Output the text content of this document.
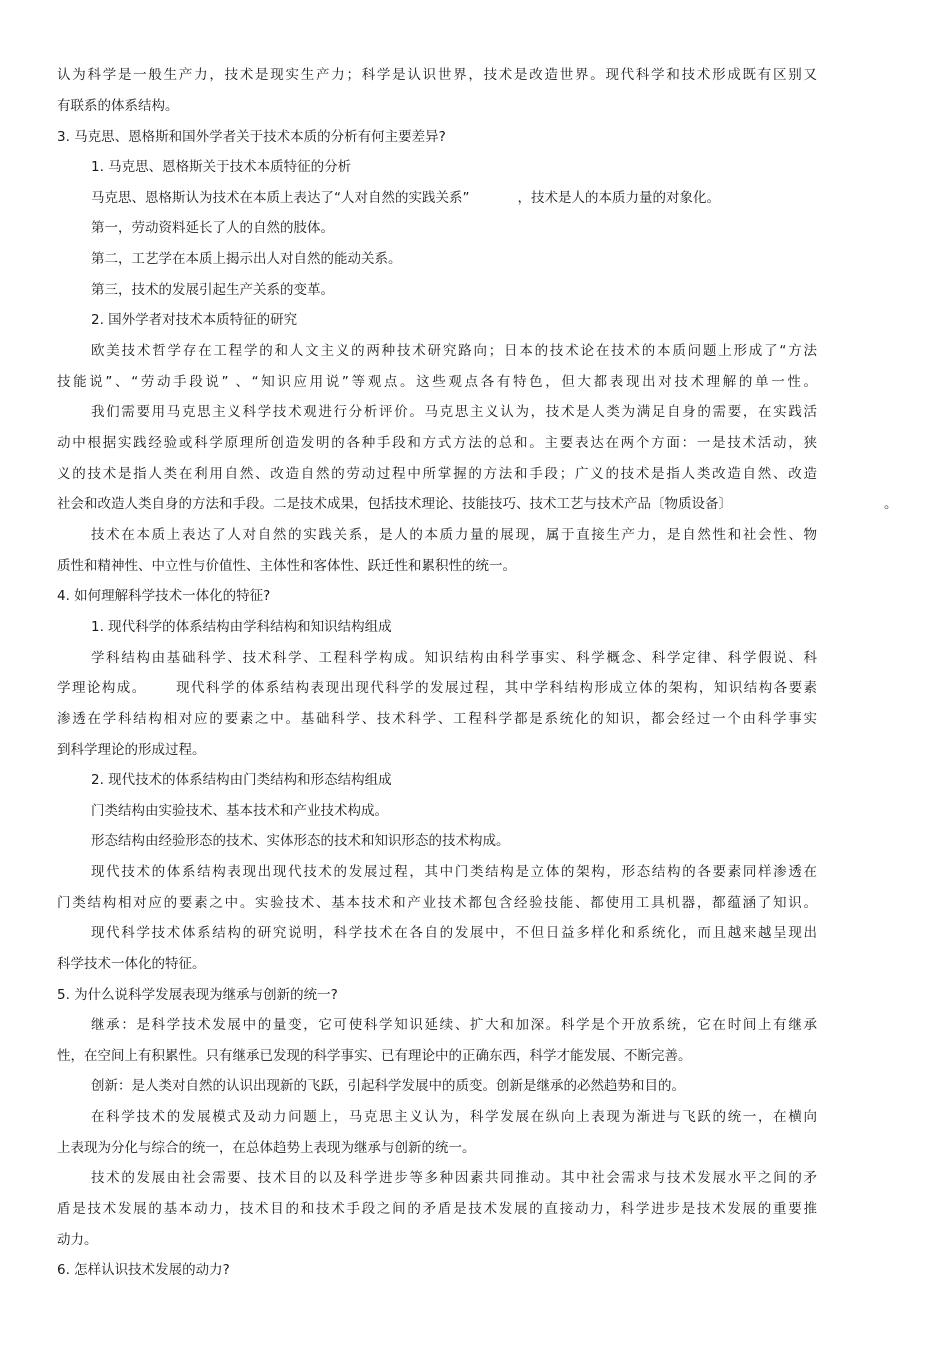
认为科学是一般生产力，技术是现实生产力；科学是认识世界，技术是改造世界。现代科学和技术形成既有区别又
有联系的体系结构。
3. 马克思、恩格斯和国外学者关于技术本质的分析有何主要差异?
1. 马克思、恩格斯关于技术本质特征的分析
马克思、恩格斯认为技术在本质上表达了“人对自然的实践关系”	，技术是人的本质力量的对象化。
第一，劳动资料延长了人的自然的肢体。
第二，工艺学在本质上揭示出人对自然的能动关系。
第三，技术的发展引起生产关系的变革。
2. 国外学者对技术本质特征的研究
欧美技术哲学存在工程学的和人文主义的两种技术研究路向；日本的技术论在技术的本质问题上形成了“方法
技能说”、“劳动手段说” 、“知识应用说”等观点。这些观点各有特色，但大都表现出对技术理解的单一性。
我们需要用马克思主义科学技术观进行分析评价。马克思主义认为，技术是人类为满足自身的需要，在实践活
动中根据实践经验或科学原理所创造发明的各种手段和方式方法的总和。主要表达在两个方面：一是技术活动，狭
义的技术是指人类在利用自然、改造自然的劳动过程中所掌握的方法和手段；广义的技术是指人类改造自然、改造
社会和改造人类自身的方法和手段。二是技术成果，包括技术理论、技能技巧、技术工艺与技术产品〔物质设备〕	。
技术在本质上表达了人对自然的实践关系，是人的本质力量的展现，属于直接生产力，是自然性和社会性、物
质性和精神性、中立性与价值性、主体性和客体性、跃迁性和累积性的统一。
4. 如何理解科学技术一体化的特征?
1. 现代科学的体系结构由学科结构和知识结构组成
学科结构由基础科学、技术科学、工程科学构成。知识结构由科学事实、科学概念、科学定律、科学假说、科
学理论构成。 现代科学的体系结构表现出现代科学的发展过程，其中学科结构形成立体的架构，知识结构各要素
渗透在学科结构相对应的要素之中。基础科学、技术科学、工程科学都是系统化的知识，都会经过一个由科学事实
到科学理论的形成过程。
2. 现代技术的体系结构由门类结构和形态结构组成
门类结构由实验技术、基本技术和产业技术构成。
形态结构由经验形态的技术、实体形态的技术和知识形态的技术构成。
现代技术的体系结构表现出现代技术的发展过程，其中门类结构是立体的架构，形态结构的各要素同样渗透在
门类结构相对应的要素之中。实验技术、基本技术和产业技术都包含经验技能、都使用工具机器，都蕴涵了知识。
现代科学技术体系结构的研究说明，科学技术在各自的发展中，不但日益多样化和系统化，而且越来越呈现出
科学技术一体化的特征。
5. 为什么说科学发展表现为继承与创新的统一?
继承：是科学技术发展中的量变，它可使科学知识延续、扩大和加深。科学是个开放系统，它在时间上有继承
性，在空间上有积累性。只有继承已发现的科学事实、已有理论中的正确东西，科学才能发展、不断完善。
创新：是人类对自然的认识出现新的飞跃，引起科学发展中的质变。创新是继承的必然趋势和目的。
在科学技术的发展模式及动力问题上，马克思主义认为，科学发展在纵向上表现为渐进与飞跃的统一，在横向
上表现为分化与综合的统一，在总体趋势上表现为继承与创新的统一。
技术的发展由社会需要、技术目的以及科学进步等多种因素共同推动。其中社会需求与技术发展水平之间的矛
盾是技术发展的基本动力，技术目的和技术手段之间的矛盾是技术发展的直接动力，科学进步是技术发展的重要推
动力。
6. 怎样认识技术发展的动力?
